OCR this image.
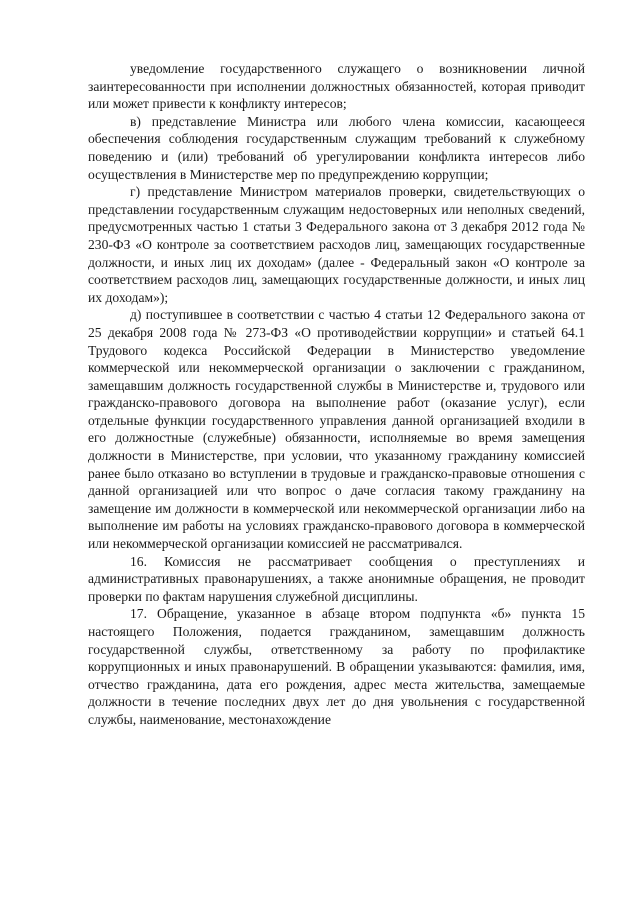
уведомление государственного служащего о возникновении личной заинтересованности при исполнении должностных обязанностей, которая приводит или может привести к конфликту интересов;

в) представление Министра или любого члена комиссии, касающееся обеспечения соблюдения государственным служащим требований к служебному поведению и (или) требований об урегулировании конфликта интересов либо осуществления в Министерстве мер по предупреждению коррупции;

г) представление Министром материалов проверки, свидетельствующих о представлении государственным служащим недостоверных или неполных сведений, предусмотренных частью 1 статьи 3 Федерального закона от 3 декабря 2012 года № 230-ФЗ «О контроле за соответствием расходов лиц, замещающих государственные должности, и иных лиц их доходам» (далее - Федеральный закон «О контроле за соответствием расходов лиц, замещающих государственные должности, и иных лиц их доходам»);

д) поступившее в соответствии с частью 4 статьи 12 Федерального закона от 25 декабря 2008 года № 273-ФЗ «О противодействии коррупции» и статьей 64.1 Трудового кодекса Российской Федерации в Министерство уведомление коммерческой или некоммерческой организации о заключении с гражданином, замещавшим должность государственной службы в Министерстве и, трудового или гражданско-правового договора на выполнение работ (оказание услуг), если отдельные функции государственного управления данной организацией входили в его должностные (служебные) обязанности, исполняемые во время замещения должности в Министерстве, при условии, что указанному гражданину комиссией ранее было отказано во вступлении в трудовые и гражданско-правовые отношения с данной организацией или что вопрос о даче согласия такому гражданину на замещение им должности в коммерческой или некоммерческой организации либо на выполнение им работы на условиях гражданско-правового договора в коммерческой или некоммерческой организации комиссией не рассматривался.

16. Комиссия не рассматривает сообщения о преступлениях и административных правонарушениях, а также анонимные обращения, не проводит проверки по фактам нарушения служебной дисциплины.

17. Обращение, указанное в абзаце втором подпункта «б» пункта 15 настоящего Положения, подается гражданином, замещавшим должность государственной службы, ответственному за работу по профилактике коррупционных и иных правонарушений. В обращении указываются: фамилия, имя, отчество гражданина, дата его рождения, адрес места жительства, замещаемые должности в течение последних двух лет до дня увольнения с государственной службы, наименование, местонахождение
